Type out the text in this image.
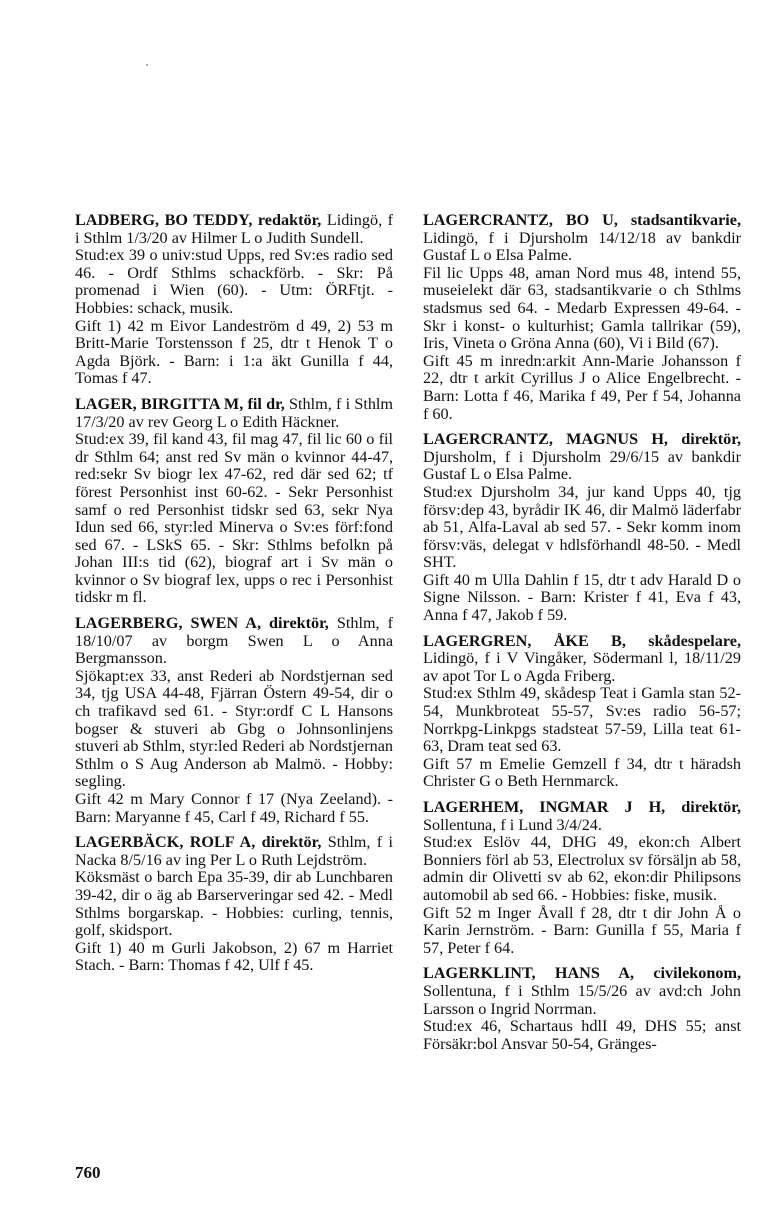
LADBERG, BO TEDDY, redaktör, Lidingö, f i Sthlm 1/3/20 av Hilmer L o Judith Sundell.

Stud:ex 39 o univ:stud Upps, red Sv:es radio sed 46. - Ordf Sthlms schackförb. - Skr: På promenad i Wien (60). - Utm: ÖRFtjt. - Hobbies: schack, musik.

Gift 1) 42 m Eivor Landeström d 49, 2) 53 m Britt-Marie Torstensson f 25, dtr t Henok T o Agda Björk. - Barn: i 1:a äkt Gunilla f 44, Tomas f 47.

LAGER, BIRGITTA M, fil dr, Sthlm, f i Sthlm 17/3/20 av rev Georg L o Edith Häckner.

Stud:ex 39, fil kand 43, fil mag 47, fil lic 60 o fil dr Sthlm 64; anst red Sv män o kvinnor 44-47, red:sekr Sv biogr lex 47-62, red där sed 62; tf förest Personhist inst 60-62. - Sekr Personhist samf o red Personhist tidskr sed 63, sekr Nya Idun sed 66, styr:led Minerva o Sv:es förf:fond sed 67. - LSkS 65. - Skr: Sthlms befolkn på Johan III:s tid (62), biograf art i Sv män o kvinnor o Sv biograf lex, upps o rec i Personhist tidskr m fl.

LAGERBERG, SWEN A, direktör, Sthlm, f 18/10/07 av borgm Swen L o Anna Bergmansson.

Sjökapt:ex 33, anst Rederi ab Nordstjernan sed 34, tjg USA 44-48, Fjärran Östern 49-54, dir o ch trafikavd sed 61. - Styr:ordf C L Hansons bogser & stuveri ab Gbg o Johnsonlinjens stuveri ab Sthlm, styr:led Rederi ab Nordstjernan Sthlm o S Aug Anderson ab Malmö. - Hobby: segling.

Gift 42 m Mary Connor f 17 (Nya Zeeland). - Barn: Maryanne f 45, Carl f 49, Richard f 55.

LAGERBÄCK, ROLF A, direktör, Sthlm, f i Nacka 8/5/16 av ing Per L o Ruth Lejdström.

Köksmäst o barch Epa 35-39, dir ab Lunchbaren 39-42, dir o äg ab Barserveringar sed 42. - Medl Sthlms borgarskap. - Hobbies: curling, tennis, golf, skidsport.

Gift 1) 40 m Gurli Jakobson, 2) 67 m Harriet Stach. - Barn: Thomas f 42, Ulf f 45.

LAGERCRANTZ, BO U, stadsantikvarie, Lidingö, f i Djursholm 14/12/18 av bankdir Gustaf L o Elsa Palme.

Fil lic Upps 48, aman Nord mus 48, intend 55, museielekt där 63, stadsantikvarie o ch Sthlms stadsmus sed 64. - Medarb Expressen 49-64. - Skr i konst- o kulturhist; Gamla tallrikar (59), Iris, Vineta o Gröna Anna (60), Vi i Bild (67).

Gift 45 m inredn:arkit Ann-Marie Johansson f 22, dtr t arkit Cyrillus J o Alice Engelbrecht. - Barn: Lotta f 46, Marika f 49, Per f 54, Johanna f 60.

LAGERCRANTZ, MAGNUS H, direktör, Djursholm, f i Djursholm 29/6/15 av bankdir Gustaf L o Elsa Palme.

Stud:ex Djursholm 34, jur kand Upps 40, tjg försv:dep 43, byrådir IK 46, dir Malmö läderfabr ab 51, Alfa-Laval ab sed 57. - Sekr komm inom försv:väs, delegat v hdlsförhandl 48-50. - Medl SHT.

Gift 40 m Ulla Dahlin f 15, dtr t adv Harald D o Signe Nilsson. - Barn: Krister f 41, Eva f 43, Anna f 47, Jakob f 59.

LAGERGREN, ÅKE B, skådespelare, Lidingö, f i V Vingåker, Södermanl l, 18/11/29 av apot Tor L o Agda Friberg.

Stud:ex Sthlm 49, skådesp Teat i Gamla stan 52-54, Munkbroteat 55-57, Sv:es radio 56-57; Norrkpg-Linkpgs stadsteat 57-59, Lilla teat 61-63, Dram teat sed 63.

Gift 57 m Emelie Gemzell f 34, dtr t häradsh Christer G o Beth Hernmarck.

LAGERHEM, INGMAR J H, direktör, Sollentuna, f i Lund 3/4/24.

Stud:ex Eslöv 44, DHG 49, ekon:ch Albert Bonniers förl ab 53, Electrolux sv försäljn ab 58, admin dir Olivetti sv ab 62, ekon:dir Philipsons automobil ab sed 66. - Hobbies: fiske, musik.

Gift 52 m Inger Åvall f 28, dtr t dir John Å o Karin Jernström. - Barn: Gunilla f 55, Maria f 57, Peter f 64.

LAGERKLINT, HANS A, civilekonom, Sollentuna, f i Sthlm 15/5/26 av avd:ch John Larsson o Ingrid Norrman.

Stud:ex 46, Schartaus hdlI 49, DHS 55; anst Försäkr:bol Ansvar 50-54, Gränges-

760
